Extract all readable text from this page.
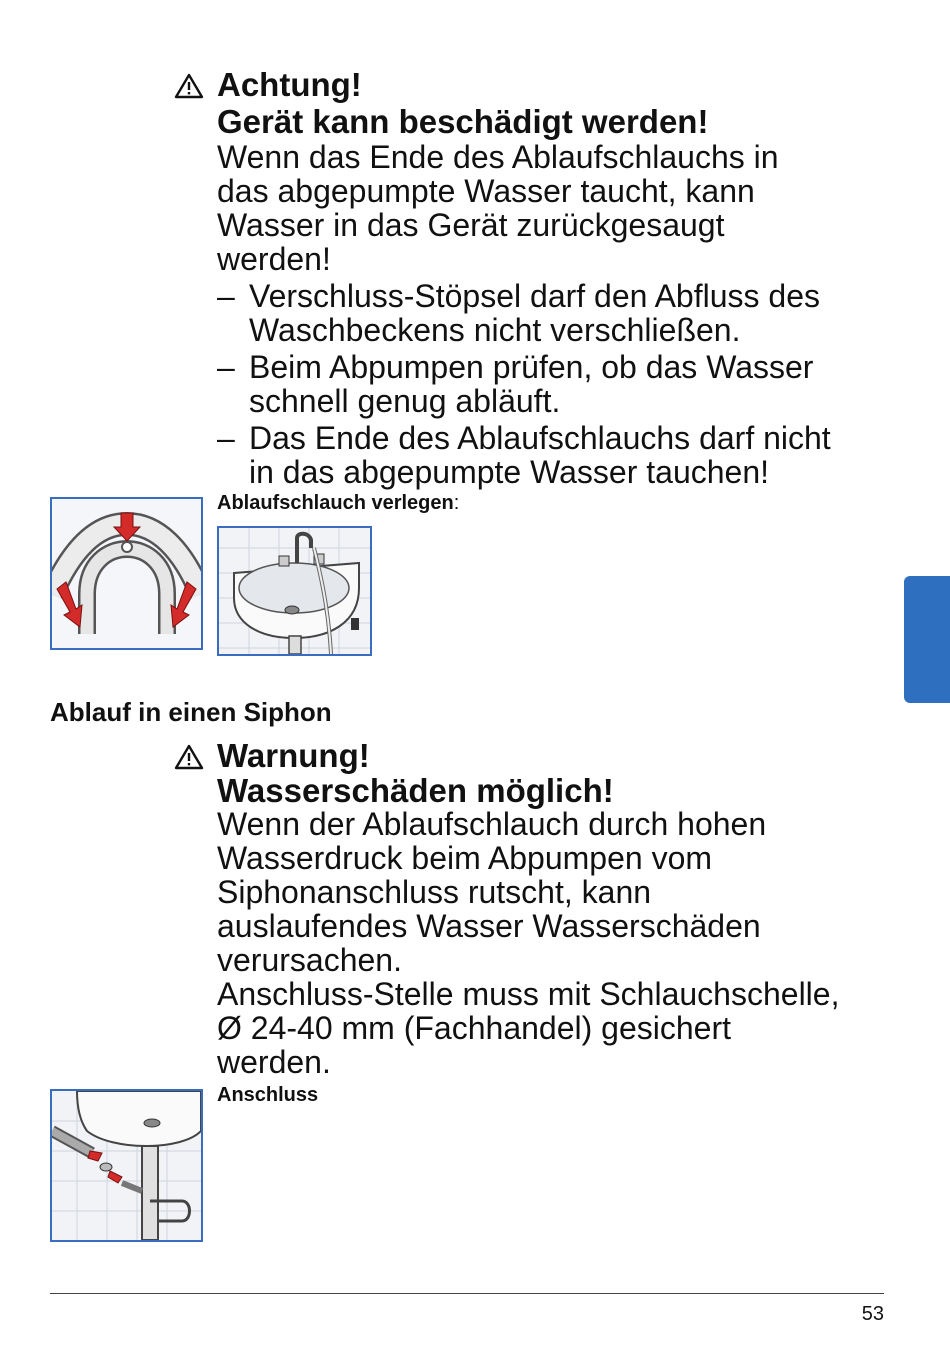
Achtung!
Gerät kann beschädigt werden!

Wenn das Ende des Ablaufschlauchs in

das abgepumpte Wasser taucht, kann

Wasser in das Gerät zurückgesaugt

werden!

– Verschluss-Stöpsel darf den Abfluss des

Waschbeckens nicht verschließen.

– Beim Abpumpen prüfen, ob das Wasser

schnell genug abläuft.

– Das Ende des Ablaufschlauchs darf nicht

in das abgepumpte Wasser tauchen!

Ablaufschlauch verlegen:
Ablauf in einen Siphon
Warnung!
Wasserschäden möglich!

Wenn der Ablaufschlauch durch hohen

Wasserdruck beim Abpumpen vom

Siphonanschluss rutscht, kann

auslaufendes Wasser Wasserschäden

verursachen.

Anschluss-Stelle muss mit Schlauchschelle,

Ø 24-40 mm (Fachhandel) gesichert

werden.

Anschluss
53
